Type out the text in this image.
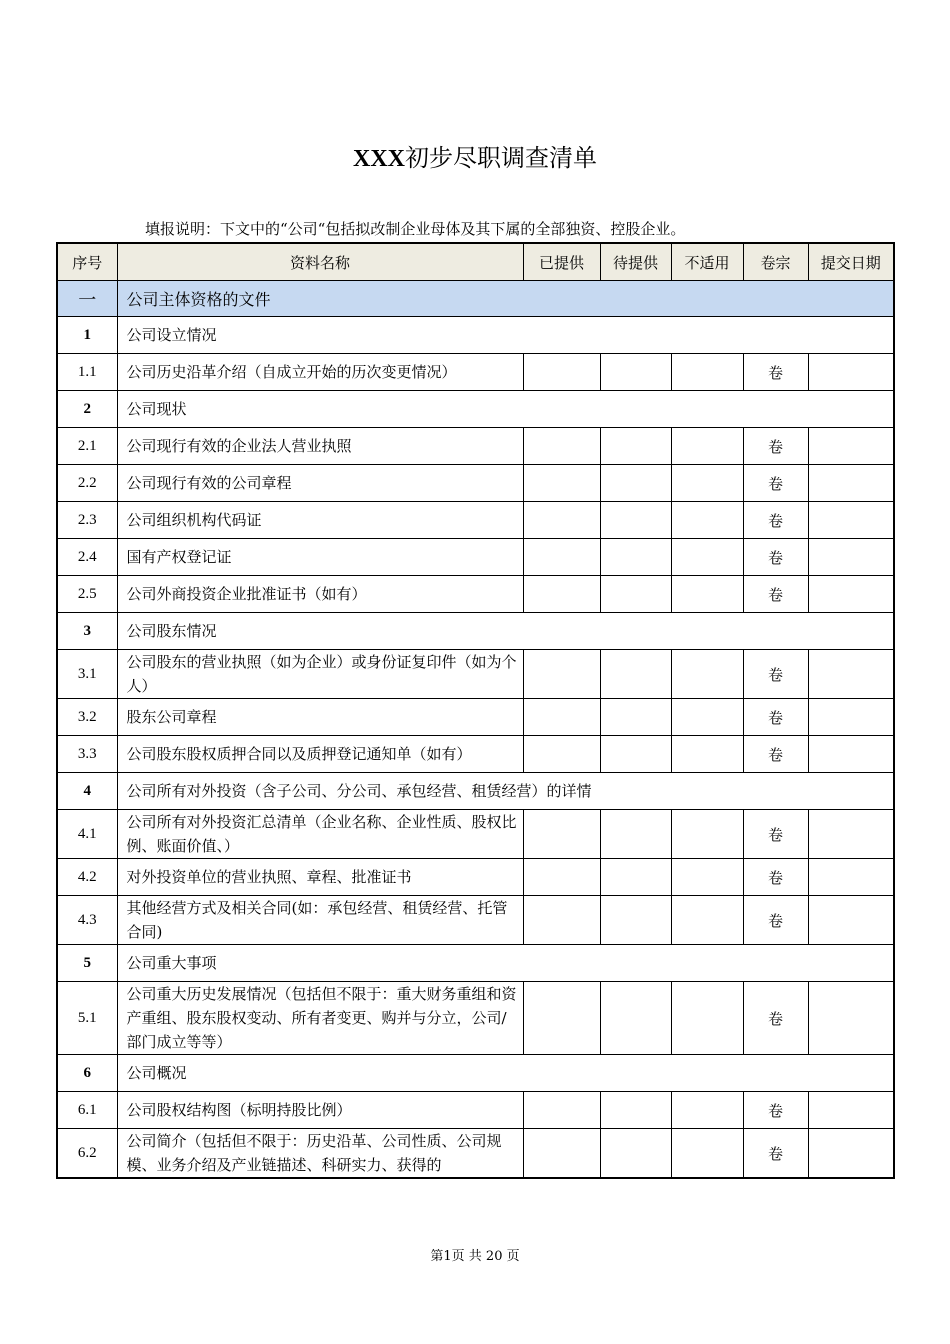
XXX初步尽职调查清单
填报说明：下文中的“公司“包括拟改制企业母体及其下属的全部独资、控股企业。
序号	资料名称	已提供	待提供	不适用	卷宗	提交日期
一	公司主体资格的文件					
1	公司设立情况					
1.1	公司历史沿革介绍（自成立开始的历次变更情况）				卷	
2	公司现状					
2.1	公司现行有效的企业法人营业执照				卷	
2.2	公司现行有效的公司章程				卷	
2.3	公司组织机构代码证				卷	
2.4	国有产权登记证				卷	
2.5	公司外商投资企业批准证书（如有）				卷	
3	公司股东情况					
3.1	公司股东的营业执照（如为企业）或身份证复印件（如为个人）				卷	
3.2	股东公司章程				卷	
3.3	公司股东股权质押合同以及质押登记通知单（如有）				卷	
4	公司所有对外投资（含子公司、分公司、承包经营、租赁经营）的详情					
4.1	公司所有对外投资汇总清单（企业名称、企业性质、股权比例、账面价值、）				卷	
4.2	对外投资单位的营业执照、章程、批准证书				卷	
4.3	其他经营方式及相关合同(如：承包经营、租赁经营、托管合同)				卷	
5	公司重大事项					
5.1	公司重大历史发展情况（包括但不限于：重大财务重组和资产重组、股东股权变动、所有者变更、购并与分立，公司/部门成立等等）				卷	
6	公司概况					
6.1	公司股权结构图（标明持股比例）				卷	
6.2	公司简介（包括但不限于：历史沿革、公司性质、公司规模、业务介绍及产业链描述、科研实力、获得的				卷	
第1页 共 20 页
